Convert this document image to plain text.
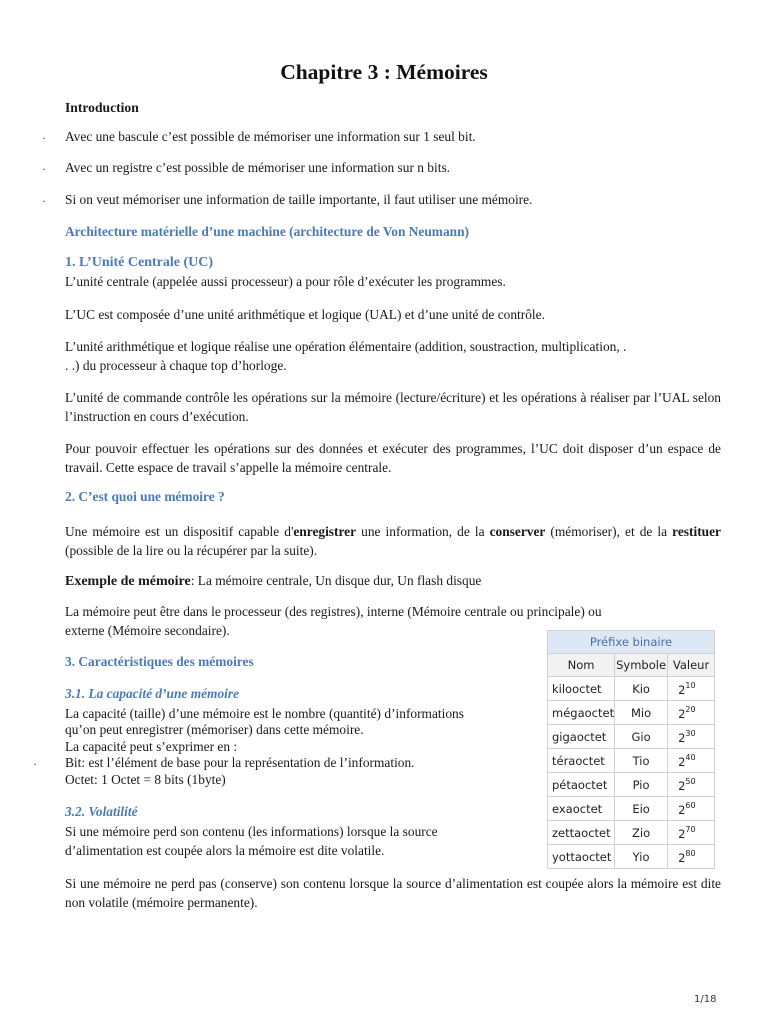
Chapitre 3 : Mémoires
Introduction
· Avec une bascule c’est possible de mémoriser une information sur 1 seul bit.
· Avec un registre c’est possible de mémoriser une information sur n bits.
· Si on veut mémoriser une information de taille importante, il faut utiliser une mémoire.
Architecture matérielle d’une machine (architecture de Von Neumann)
1. L’Unité Centrale (UC)
L’unité centrale (appelée aussi processeur) a pour rôle d’exécuter les programmes.
L’UC est composée d’une unité arithmétique et logique (UAL) et d’une unité de contrôle.
L’unité arithmétique et logique réalise une opération élémentaire (addition, soustraction, multiplication, .
. .) du processeur à chaque top d’horloge.
L’unité de commande contrôle les opérations sur la mémoire (lecture/écriture) et les opérations à réaliser par l’UAL selon l’instruction en cours d’exécution.
Pour pouvoir effectuer les opérations sur des données et exécuter des programmes, l’UC doit disposer d’un espace de travail. Cette espace de travail s’appelle la mémoire centrale.
2. C’est quoi une mémoire ?
Une mémoire est un dispositif capable d'enregistrer une information, de la conserver (mémoriser), et de la restituer (possible de la lire ou la récupérer par la suite).
Exemple de mémoire: La mémoire centrale, Un disque dur, Un flash disque
La mémoire peut être dans le processeur (des registres), interne (Mémoire centrale ou principale) ou
externe (Mémoire secondaire).
3. Caractéristiques des mémoires
3.1. La capacité d’une mémoire
La capacité (taille) d’une mémoire est le nombre (quantité) d’informations
qu’on peut enregistrer (mémoriser) dans cette mémoire.
La capacité peut s’exprimer en :
· Bit: est l’élément de base pour la représentation de l’information.
Octet: 1 Octet = 8 bits (1byte)
3.2. Volatilité
Si une mémoire perd son contenu (les informations) lorsque la source
d’alimentation est coupée alors la mémoire est dite volatile.
Si une mémoire ne perd pas (conserve) son contenu lorsque la source d’alimentation est coupée alors la mémoire est dite non volatile (mémoire permanente).
Préfixe binaire		
Nom	Symbole	Valeur
kilooctet	Kio	$2^{10}$
mégaoctet	Mio	$2^{20}$
gigaoctet	Gio	$2^{30}$
téraoctet	Tio	$2^{40}$
pétaoctet	Pio	$2^{50}$
exaoctet	Eio	$2^{60}$
zettaoctet	Zio	$2^{70}$
yottaoctet	Yio	$2^{80}$
1/18
